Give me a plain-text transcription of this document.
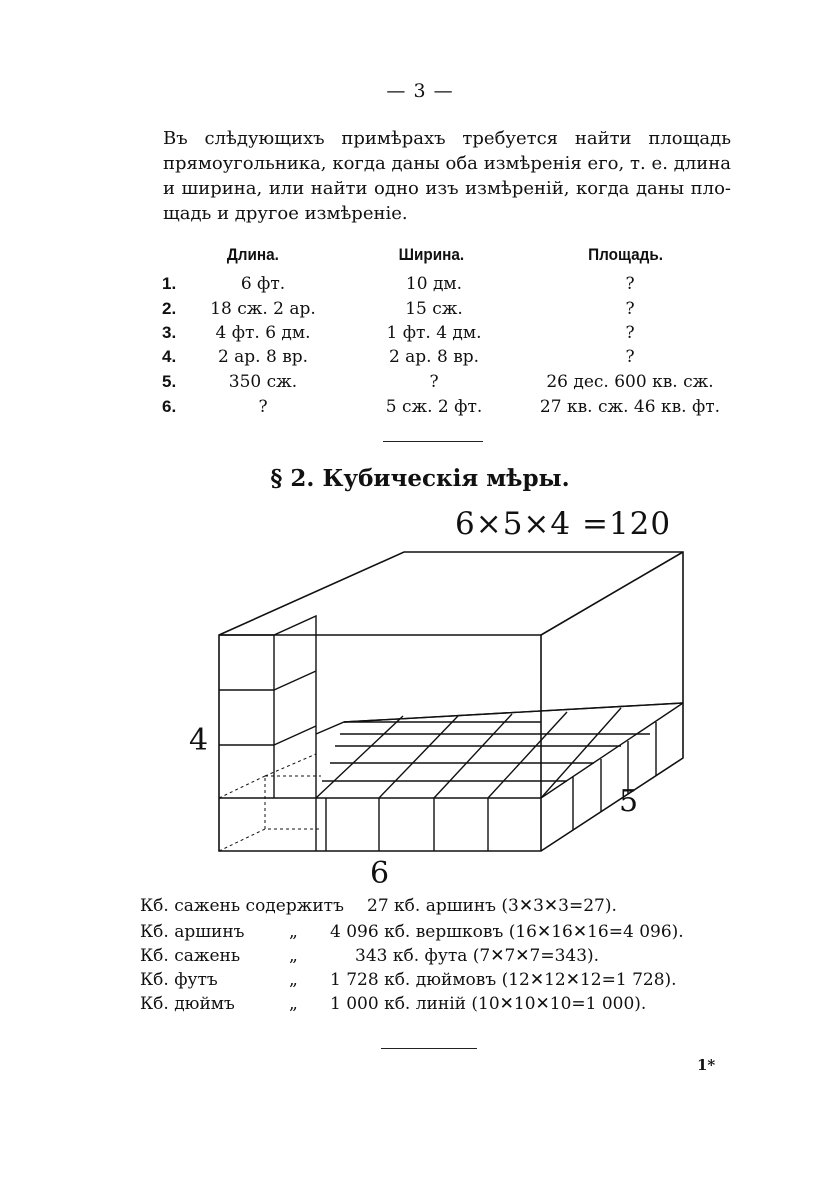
— 3 —
Въ слѣдующихъ примѣрахъ требуется найти площадь
прямоугольника, когда даны оба измѣренія его, т. е. длина
и ширина, или найти одно изъ измѣреній, когда даны пло-
щадь и другое измѣреніе.
Длина.	Ширина.	Площадь.
1.	6 фт.	10 дм.	?
2.	18 сж. 2 ар.	15 сж.	?
3.	4 фт. 6 дм.	1 фт. 4 дм.	?
4.	2 ар. 8 вр.	2 ар. 8 вр.	?
5.	350 сж.	?	26 дес. 600 кв. сж.
6.	?	5 сж. 2 фт.	27 кв. сж. 46 кв. фт.
§ 2. Кубическія мѣры.
6×5×4 =120
4
5
6
Кб. сажень содержитъ 27 кб. аршинъ (3✕3✕3=27).
Кб. аршинъ	„ 4 096 кб. вершковъ (16✕16✕16=4 096).
Кб. сажень	„	343 кб. фута (7✕7✕7=343).
Кб. футъ	„ 1 728 кб. дюймовъ (12✕12✕12=1 728).
Кб. дюймъ	„ 1 000 кб. линій (10✕10✕10=1 000).
1*
